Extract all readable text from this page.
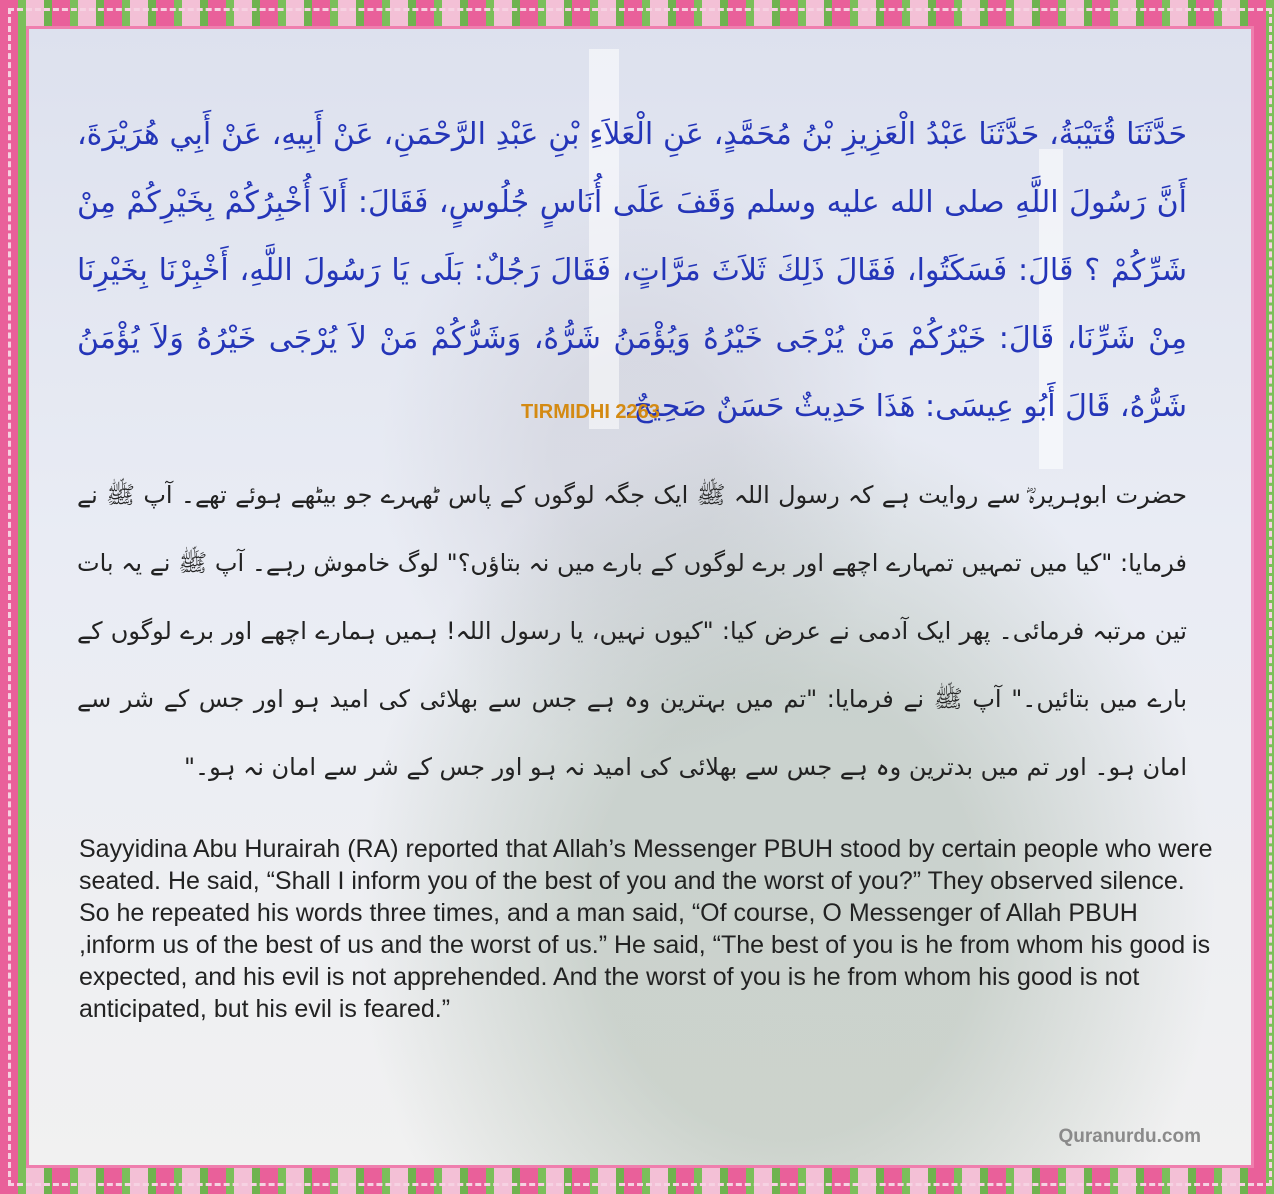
حَدَّثَنَا قُتَيْبَةُ، حَدَّثَنَا عَبْدُ الْعَزِيزِ بْنُ مُحَمَّدٍ، عَنِ الْعَلاَءِ بْنِ عَبْدِ الرَّحْمَنِ، عَنْ أَبِيهِ، عَنْ أَبِي هُرَيْرَةَ، أَنَّ رَسُولَ اللَّهِ صلى الله عليه وسلم وَقَفَ عَلَى أُنَاسٍ جُلُوسٍ، فَقَالَ: أَلاَ أُخْبِرُكُمْ بِخَيْرِكُمْ مِنْ شَرِّكُمْ ؟ قَالَ: فَسَكَتُوا، فَقَالَ ذَلِكَ ثَلاَثَ مَرَّاتٍ، فَقَالَ رَجُلٌ: بَلَى يَا رَسُولَ اللَّهِ، أَخْبِرْنَا بِخَيْرِنَا مِنْ شَرِّنَا، قَالَ: خَيْرُكُمْ مَنْ يُرْجَى خَيْرُهُ وَيُؤْمَنُ شَرُّهُ، وَشَرُّكُمْ مَنْ لاَ يُرْجَى خَيْرُهُ وَلاَ يُؤْمَنُ شَرُّهُ، قَالَ أَبُو عِيسَى: هَذَا حَدِيثٌ حَسَنٌ صَحِيحٌ.

TIRMIDHI 2263

حضرت ابوہریرہؓ سے روایت ہے کہ رسول اللہ ﷺ ایک جگہ لوگوں کے پاس ٹھہرے جو بیٹھے ہوئے تھے۔ آپ ﷺ نے فرمایا: "کیا میں تمہیں تمہارے اچھے اور برے لوگوں کے بارے میں نہ بتاؤں؟" لوگ خاموش رہے۔ آپ ﷺ نے یہ بات تین مرتبہ فرمائی۔ پھر ایک آدمی نے عرض کیا: "کیوں نہیں، یا رسول اللہ! ہمیں ہمارے اچھے اور برے لوگوں کے بارے میں بتائیں۔" آپ ﷺ نے فرمایا: "تم میں بہترین وہ ہے جس سے بھلائی کی امید ہو اور جس کے شر سے امان ہو۔ اور تم میں بدترین وہ ہے جس سے بھلائی کی امید نہ ہو اور جس کے شر سے امان نہ ہو۔"

Sayyidina Abu Hurairah (RA) reported that Allah’s Messenger PBUH stood by certain people who were seated. He said, “Shall I inform you of the best of you and the worst of you?” They observed silence. So he repeated his words three times, and a man said, “Of course, O Messenger of Allah PBUH ,inform us of the best of us and the worst of us.” He said, “The best of you is he from whom his good is expected, and his evil is not apprehended. And the worst of you is he from whom his good is not anticipated, but his evil is feared.”

Quranurdu.com
